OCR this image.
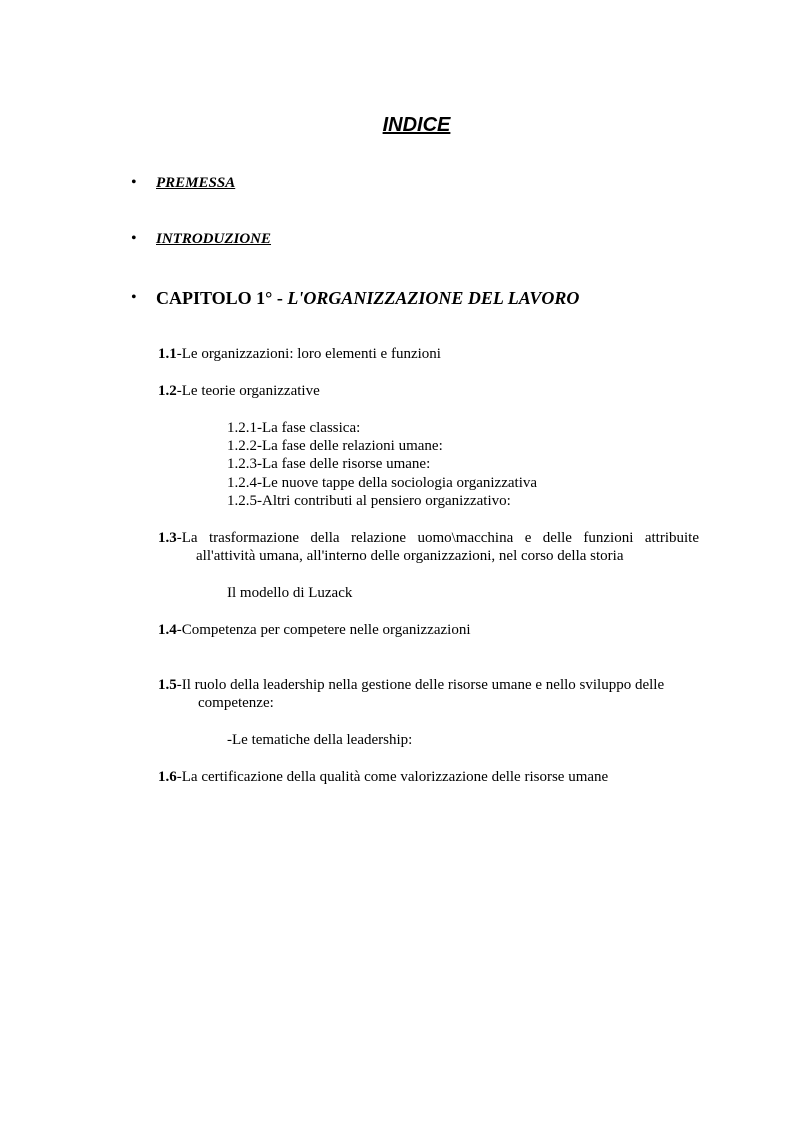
INDICE
• PREMESSA
• INTRODUZIONE
• CAPITOLO 1° - L'ORGANIZZAZIONE DEL LAVORO
1.1-Le organizzazioni: loro elementi e funzioni
1.2-Le teorie organizzative
1.2.1-La fase classica:
1.2.2-La fase delle relazioni umane:
1.2.3-La fase delle risorse umane:
1.2.4-Le nuove tappe della sociologia organizzativa
1.2.5-Altri contributi al pensiero organizzativo:
1.3-La trasformazione della relazione uomo\macchina e delle funzioni attribuite
all'attività umana, all'interno delle organizzazioni, nel corso della storia
Il modello di Luzack
1.4-Competenza per competere nelle organizzazioni
1.5-Il ruolo della leadership nella gestione delle risorse umane e nello sviluppo delle
competenze:
-Le tematiche della leadership:
1.6-La certificazione della qualità come valorizzazione delle risorse umane
